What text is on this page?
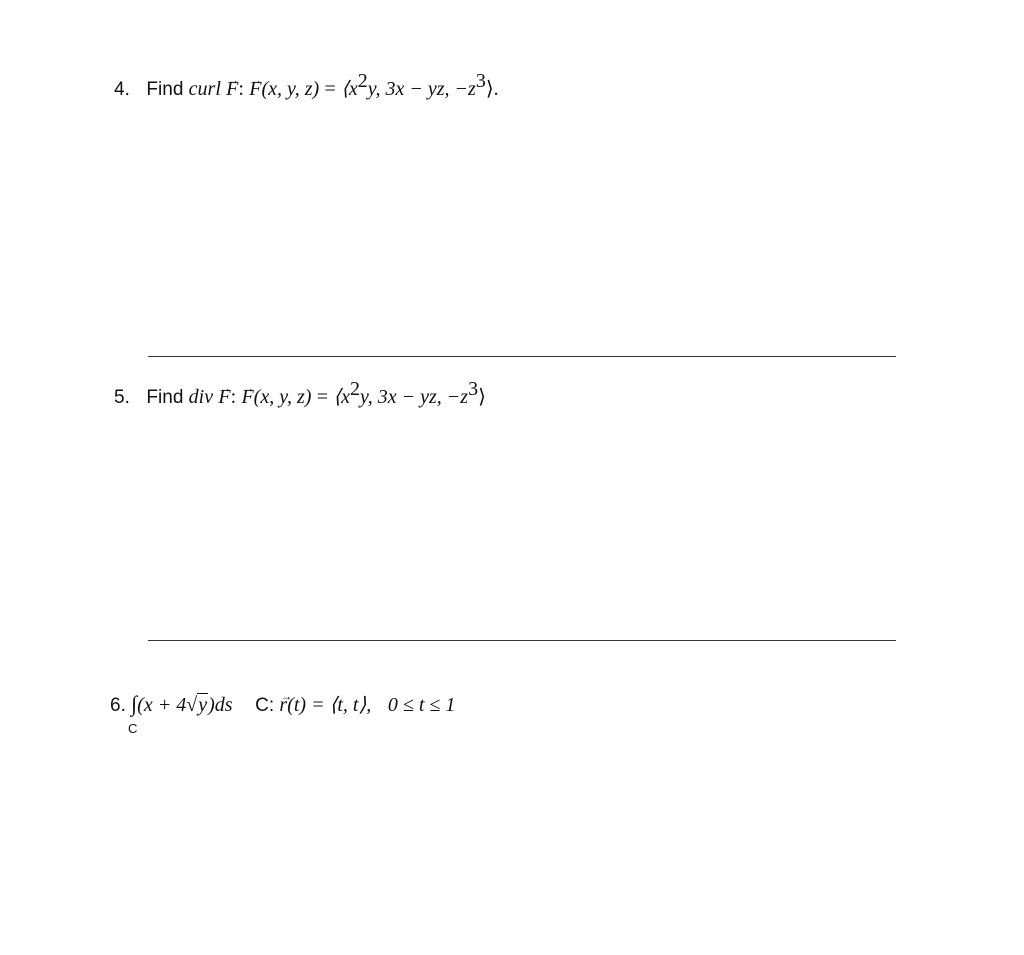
4. Find curl → F: → F(x, y, $z) = ⟨x^2y$, 3x − yz, $-z^3⟩$.
5. Find div → F: → F(x, y, $z) = ⟨x^2y$, 3x − yz, $-z^3⟩$
6. ∫(x + 4√y)ds C: → r(t) = ⟨t, t⟩, 0 ≤ t ≤ 1
C
